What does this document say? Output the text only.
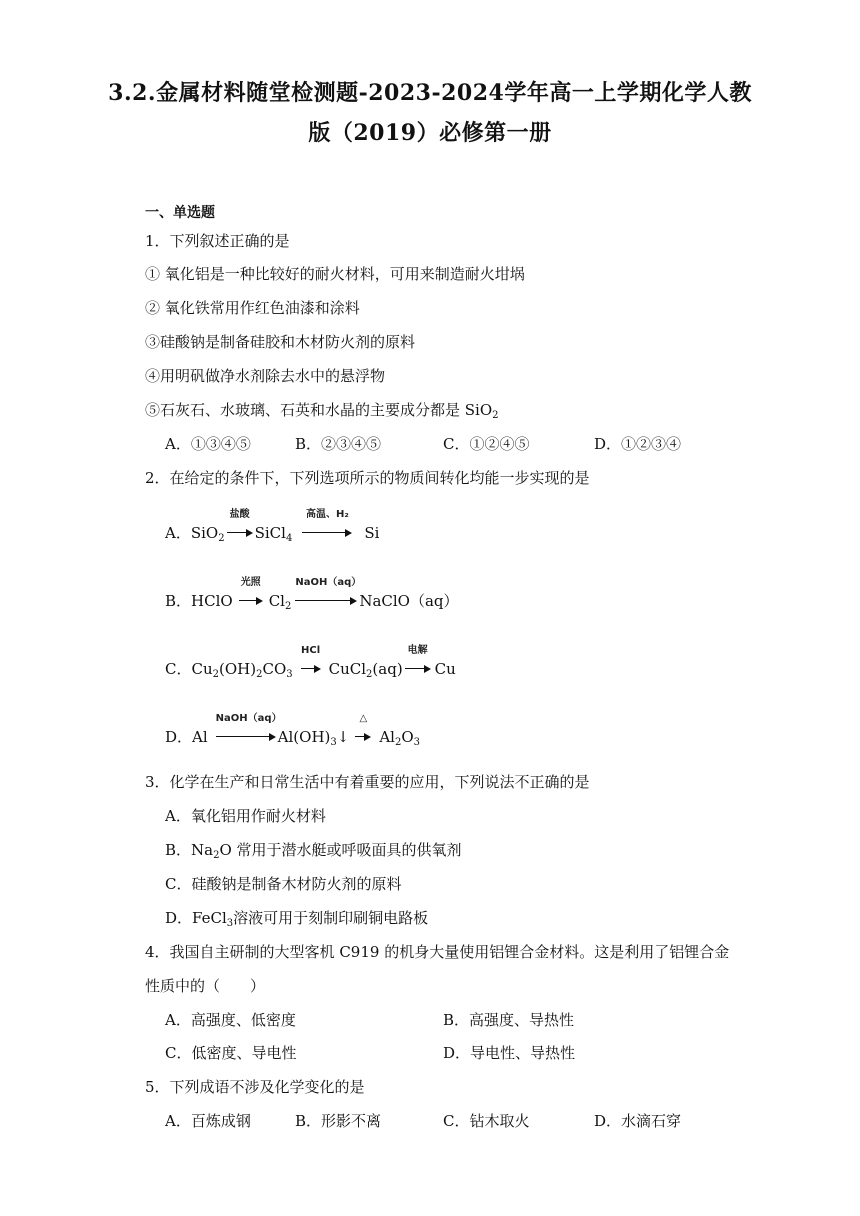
3.2.金属材料随堂检测题-2023-2024学年高一上学期化学人教
版（2019）必修第一册
一、单选题
1．下列叙述正确的是
① 氧化铝是一种比较好的耐火材料，可用来制造耐火坩埚
② 氧化铁常用作红色油漆和涂料
③硅酸钠是制备硅胶和木材防火剂的原料
④用明矾做净水剂除去水中的悬浮物
⑤石灰石、水玻璃、石英和水晶的主要成分都是 SiO$_2$
A．①③④⑤	B．②③④⑤	C．①②④⑤	D．①②③④
2．在给定的条件下，下列选项所示的物质间转化均能一步实现的是
A．SiO$_2$
盐酸
SiCl$_4$
高温、H₂
Si
B．HClO
光照
$Cl_2$
NaOH（aq）
NaClO（aq）
C．$Cu_2(OH)_2CO_3$
HCl
CuCl$_2$(aq)
电解
Cu
D．Al
NaOH（aq）
$Al(OH)_3↓$
△
$Al_2O_3$
3．化学在生产和日常生活中有着重要的应用，下列说法不正确的是
A．氧化铝用作耐火材料
B．$Na_2O$ 常用于潜水艇或呼吸面具的供氧剂
C．硅酸钠是制备木材防火剂的原料
D．FeCl$_3$溶液可用于刻制印刷铜电路板
4．我国自主研制的大型客机 C919 的机身大量使用铝锂合金材料。这是利用了铝锂合金
性质中的（　　）
A．高强度、低密度	B．高强度、导热性
C．低密度、导电性	D．导电性、导热性
5．下列成语不涉及化学变化的是
A．百炼成钢	B．形影不离	C．钻木取火	D．水滴石穿
